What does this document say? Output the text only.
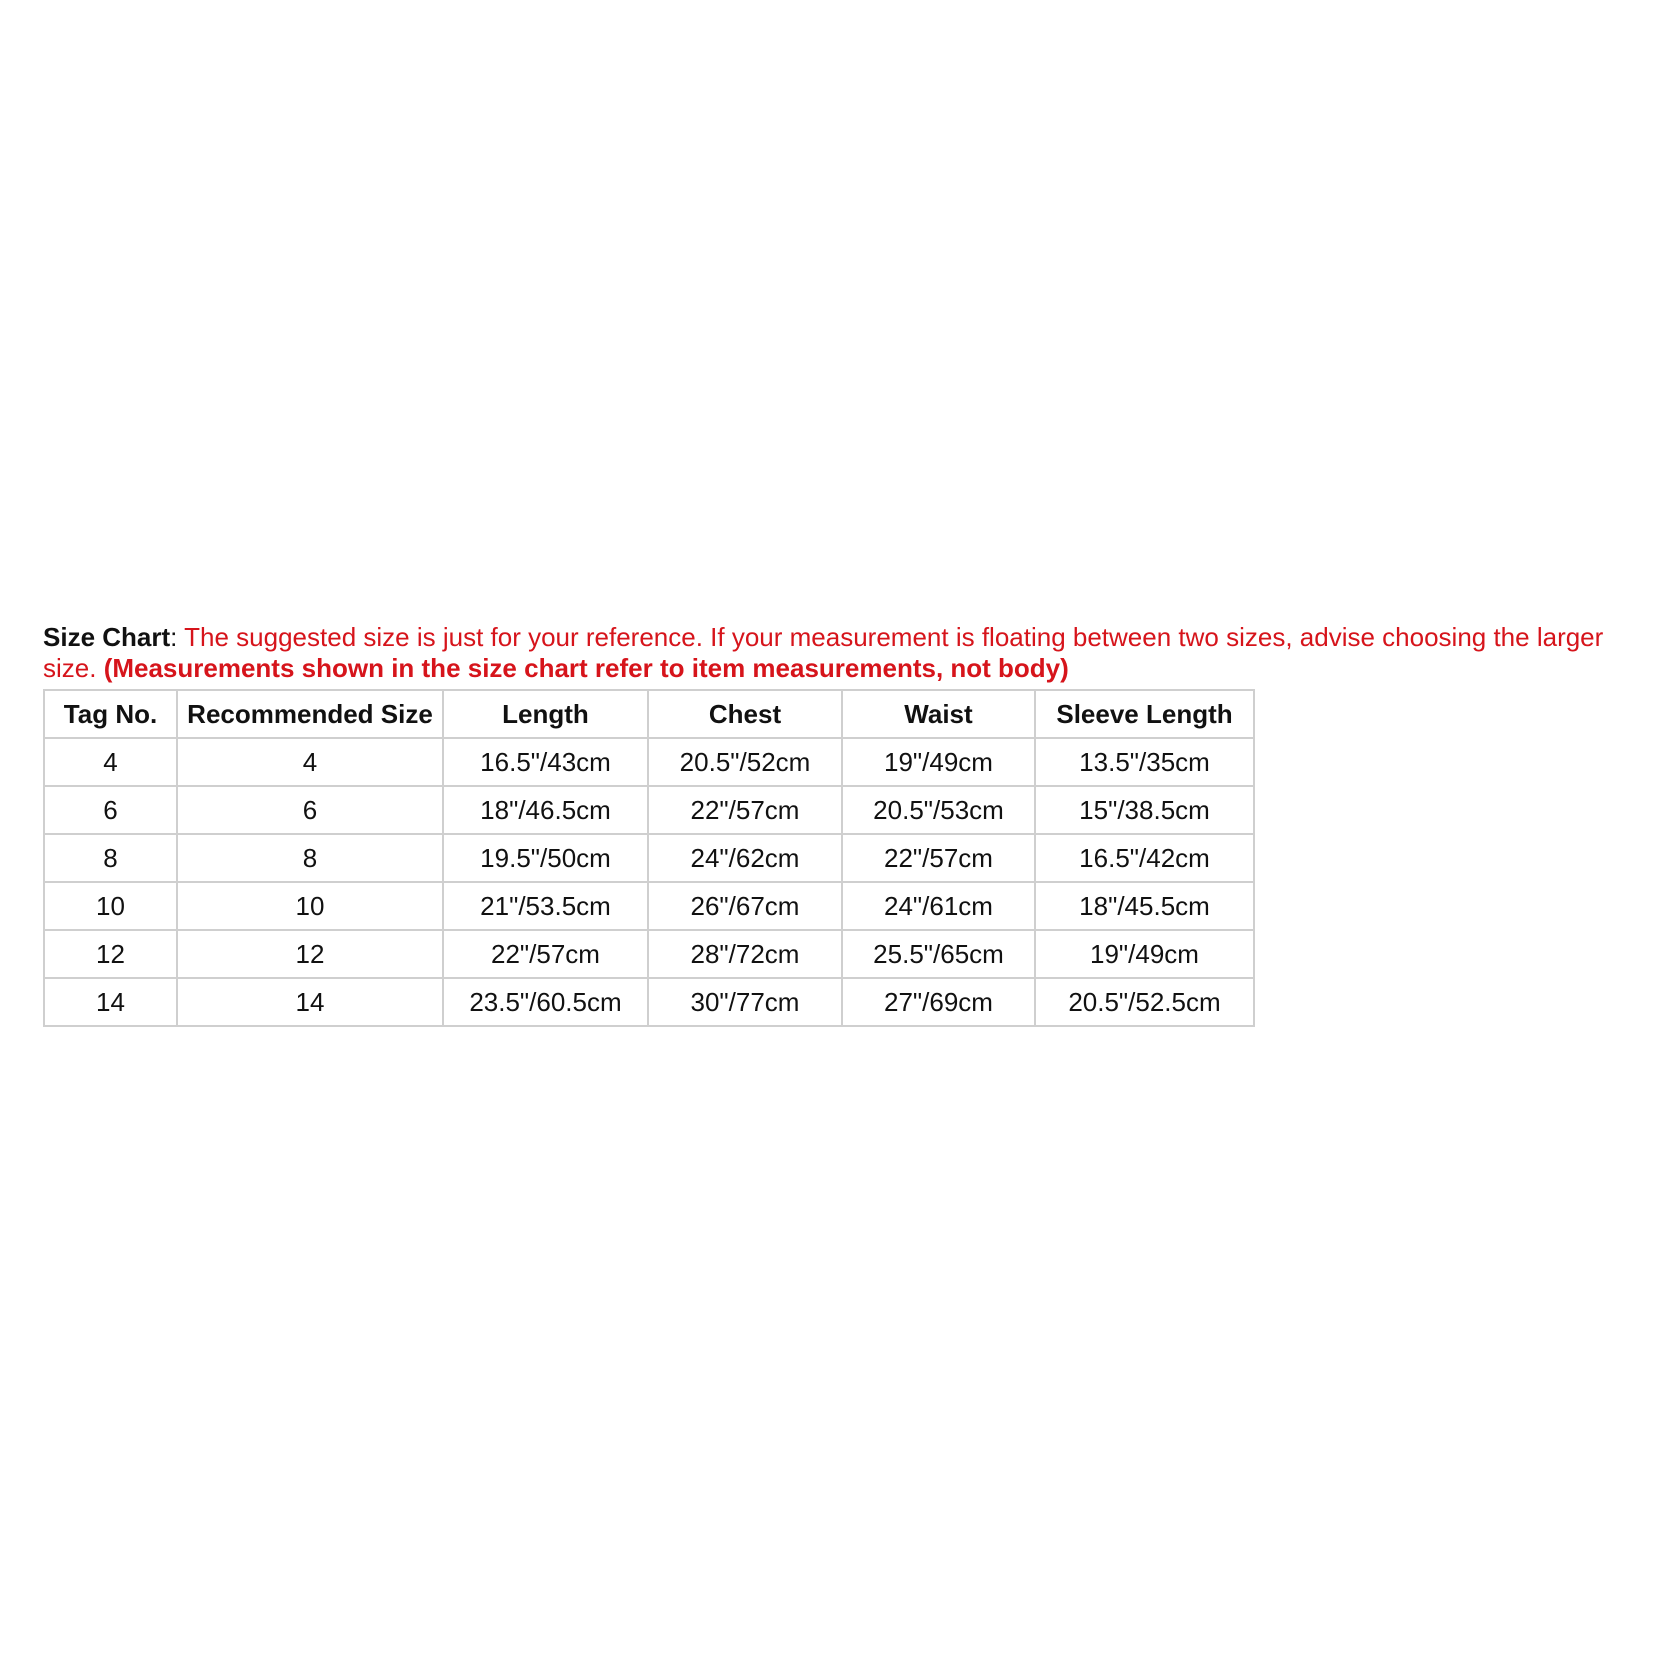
Size Chart: The suggested size is just for your reference. If your measurement is floating between two sizes, advise choosing the larger size. (Measurements shown in the size chart refer to item measurements, not body)

Tag No.	Recommended Size	Length	Chest	Waist	Sleeve Length
4	4	16.5"/43cm	20.5"/52cm	19"/49cm	13.5"/35cm
6	6	18"/46.5cm	22"/57cm	20.5"/53cm	15"/38.5cm
8	8	19.5"/50cm	24"/62cm	22"/57cm	16.5"/42cm
10	10	21"/53.5cm	26"/67cm	24"/61cm	18"/45.5cm
12	12	22"/57cm	28"/72cm	25.5"/65cm	19"/49cm
14	14	23.5"/60.5cm	30"/77cm	27"/69cm	20.5"/52.5cm
